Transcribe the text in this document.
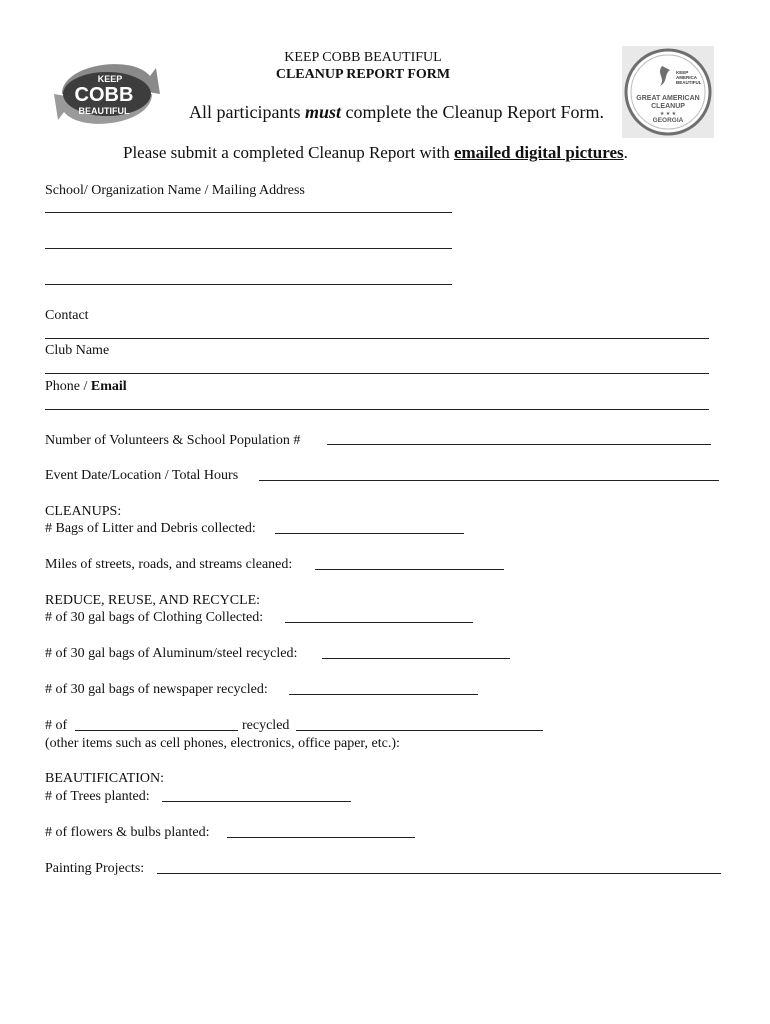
KEEP
COBB
BEAUTIFUL
KEEP
AMERICA
BEAUTIFUL
GREAT AMERICAN
CLEANUP
★ ★ ★
GEORGIA
KEEP COBB BEAUTIFUL
CLEANUP REPORT FORM
All participants must complete the Cleanup Report Form.
Please submit a completed Cleanup Report with emailed digital pictures.
School/ Organization Name / Mailing Address
Contact
Club Name
Phone / Email
Number of Volunteers & School Population #
Event Date/Location / Total Hours
CLEANUPS:
# Bags of Litter and Debris collected:
Miles of streets, roads, and streams cleaned:
REDUCE, REUSE, AND RECYCLE:
# of 30 gal bags of Clothing Collected:
# of 30 gal bags of Aluminum/steel recycled:
# of 30 gal bags of newspaper recycled:
# of	recycled
(other items such as cell phones, electronics, office paper, etc.):
BEAUTIFICATION:
# of Trees planted:
# of flowers & bulbs planted:
Painting Projects:
